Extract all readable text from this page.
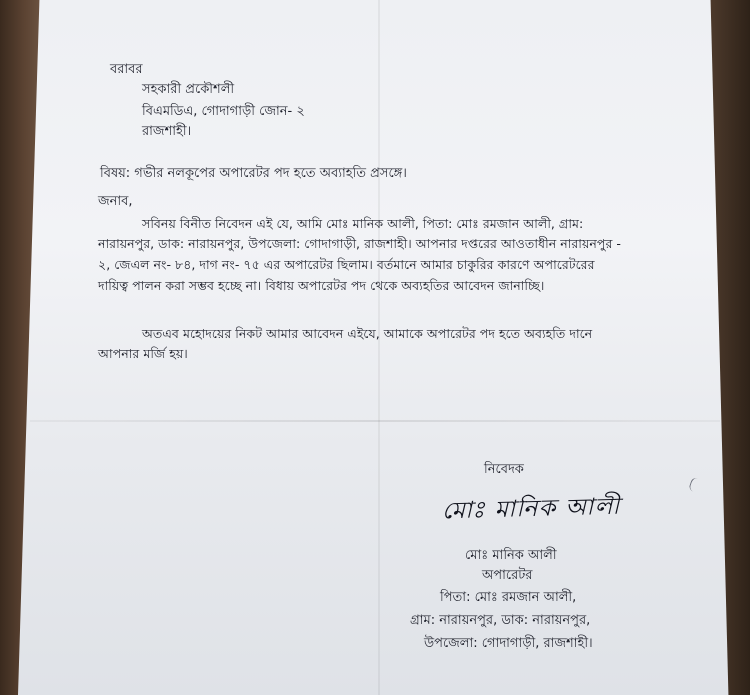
বরাবর
সহকারী প্রকৌশলী
বিএমডিএ, গোদাগাড়ী জোন- ২
রাজশাহী।
বিষয়: গভীর নলকূপের অপারেটর পদ হতে অব্যাহতি প্রসঙ্গে।
জনাব,
সবিনয় বিনীত নিবেদন এই যে, আমি মোঃ মানিক আলী, পিতা: মোঃ রমজান আলী, গ্রাম:
নারায়নপুর, ডাক: নারায়নপুর, উপজেলা: গোদাগাড়ী, রাজশাহী। আপনার দপ্তরের আওতাধীন নারায়নপুর -
২, জেএল নং- ৮৪, দাগ নং- ৭৫ এর অপারেটর ছিলাম। বর্তমানে আমার চাকুরির কারণে অপারেটরের
দায়িত্ব পালন করা সম্ভব হচ্ছে না। বিধায় অপারেটর পদ থেকে অব্যহতির আবেদন জানাচ্ছি।
অতএব মহোদয়ের নিকট আমার আবেদন এইযে, আমাকে অপারেটর পদ হতে অব্যহতি দানে
আপনার মর্জি হয়।
নিবেদক
মোঃ মানিক আলী
মোঃ মানিক আলী
অপারেটর
পিতা: মোঃ রমজান আলী,
গ্রাম: নারায়নপুর, ডাক: নারায়নপুর,
উপজেলা: গোদাগাড়ী, রাজশাহী।
